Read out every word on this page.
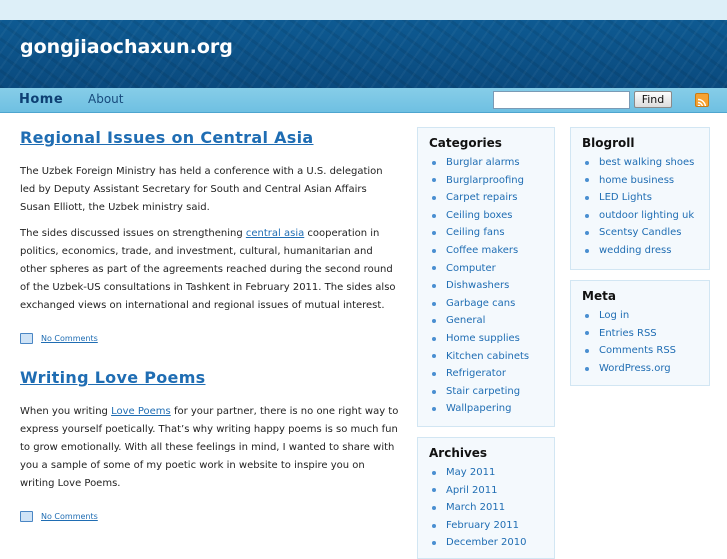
gongjiaochaxun.org
Home About	Find
Regional Issues on Central Asia

The Uzbek Foreign Ministry has held a conference with a U.S. delegation led by Deputy Assistant Secretary for South and Central Asian Affairs Susan Elliott, the Uzbek ministry said.

The sides discussed issues on strengthening central asia cooperation in politics, economics, trade, and investment, cultural, humanitarian and other spheres as part of the agreements reached during the second round of the Uzbek-US consultations in Tashkent in February 2011. The sides also exchanged views on international and regional issues of mutual interest.

No Comments
Writing Love Poems

When you writing Love Poems for your partner, there is no one right way to express yourself poetically. That’s why writing happy poems is so much fun to grow emotionally. With all these feelings in mind, I wanted to share with you a sample of some of my poetic work in website to inspire you on writing Love Poems.

No Comments
Categories
Burglar alarms
Burglarproofing
Carpet repairs
Ceiling boxes
Ceiling fans
Coffee makers
Computer
Dishwashers
Garbage cans
General
Home supplies
Kitchen cabinets
Refrigerator
Stair carpeting
Wallpapering
Archives
May 2011
April 2011
March 2011
February 2011
December 2010
Blogroll
best walking shoes
home business
LED Lights
outdoor lighting uk
Scentsy Candles
wedding dress
Meta
Log in
Entries RSS
Comments RSS
WordPress.org
